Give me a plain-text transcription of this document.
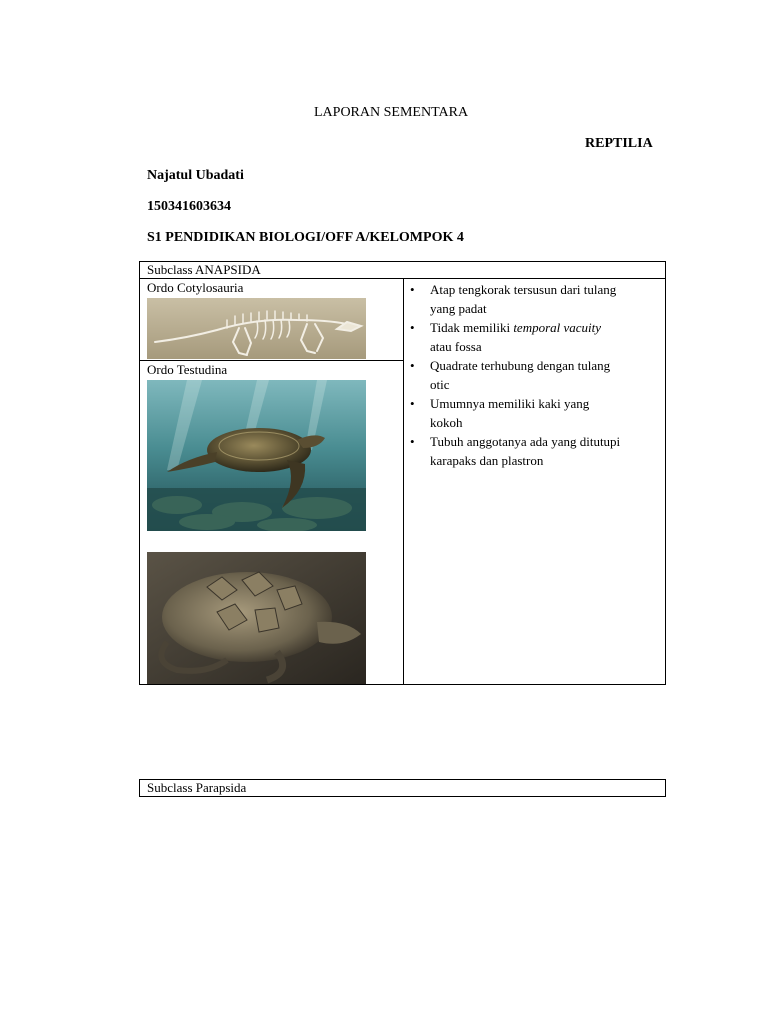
LAPORAN SEMENTARA
REPTILIA
Najatul Ubadati
150341603634
S1 PENDIDIKAN BIOLOGI/OFF A/KELOMPOK 4
Subclass ANAPSIDA
Ordo Cotylosauria
Ordo Testudina
• Atap tengkorak tersusun dari tulang
yang padat
• Tidak memiliki temporal vacuity
atau fossa
• Quadrate terhubung dengan tulang
otic
• Umumnya memiliki kaki yang
kokoh
• Tubuh anggotanya ada yang ditutupi
karapaks dan plastron
Subclass Parapsida
